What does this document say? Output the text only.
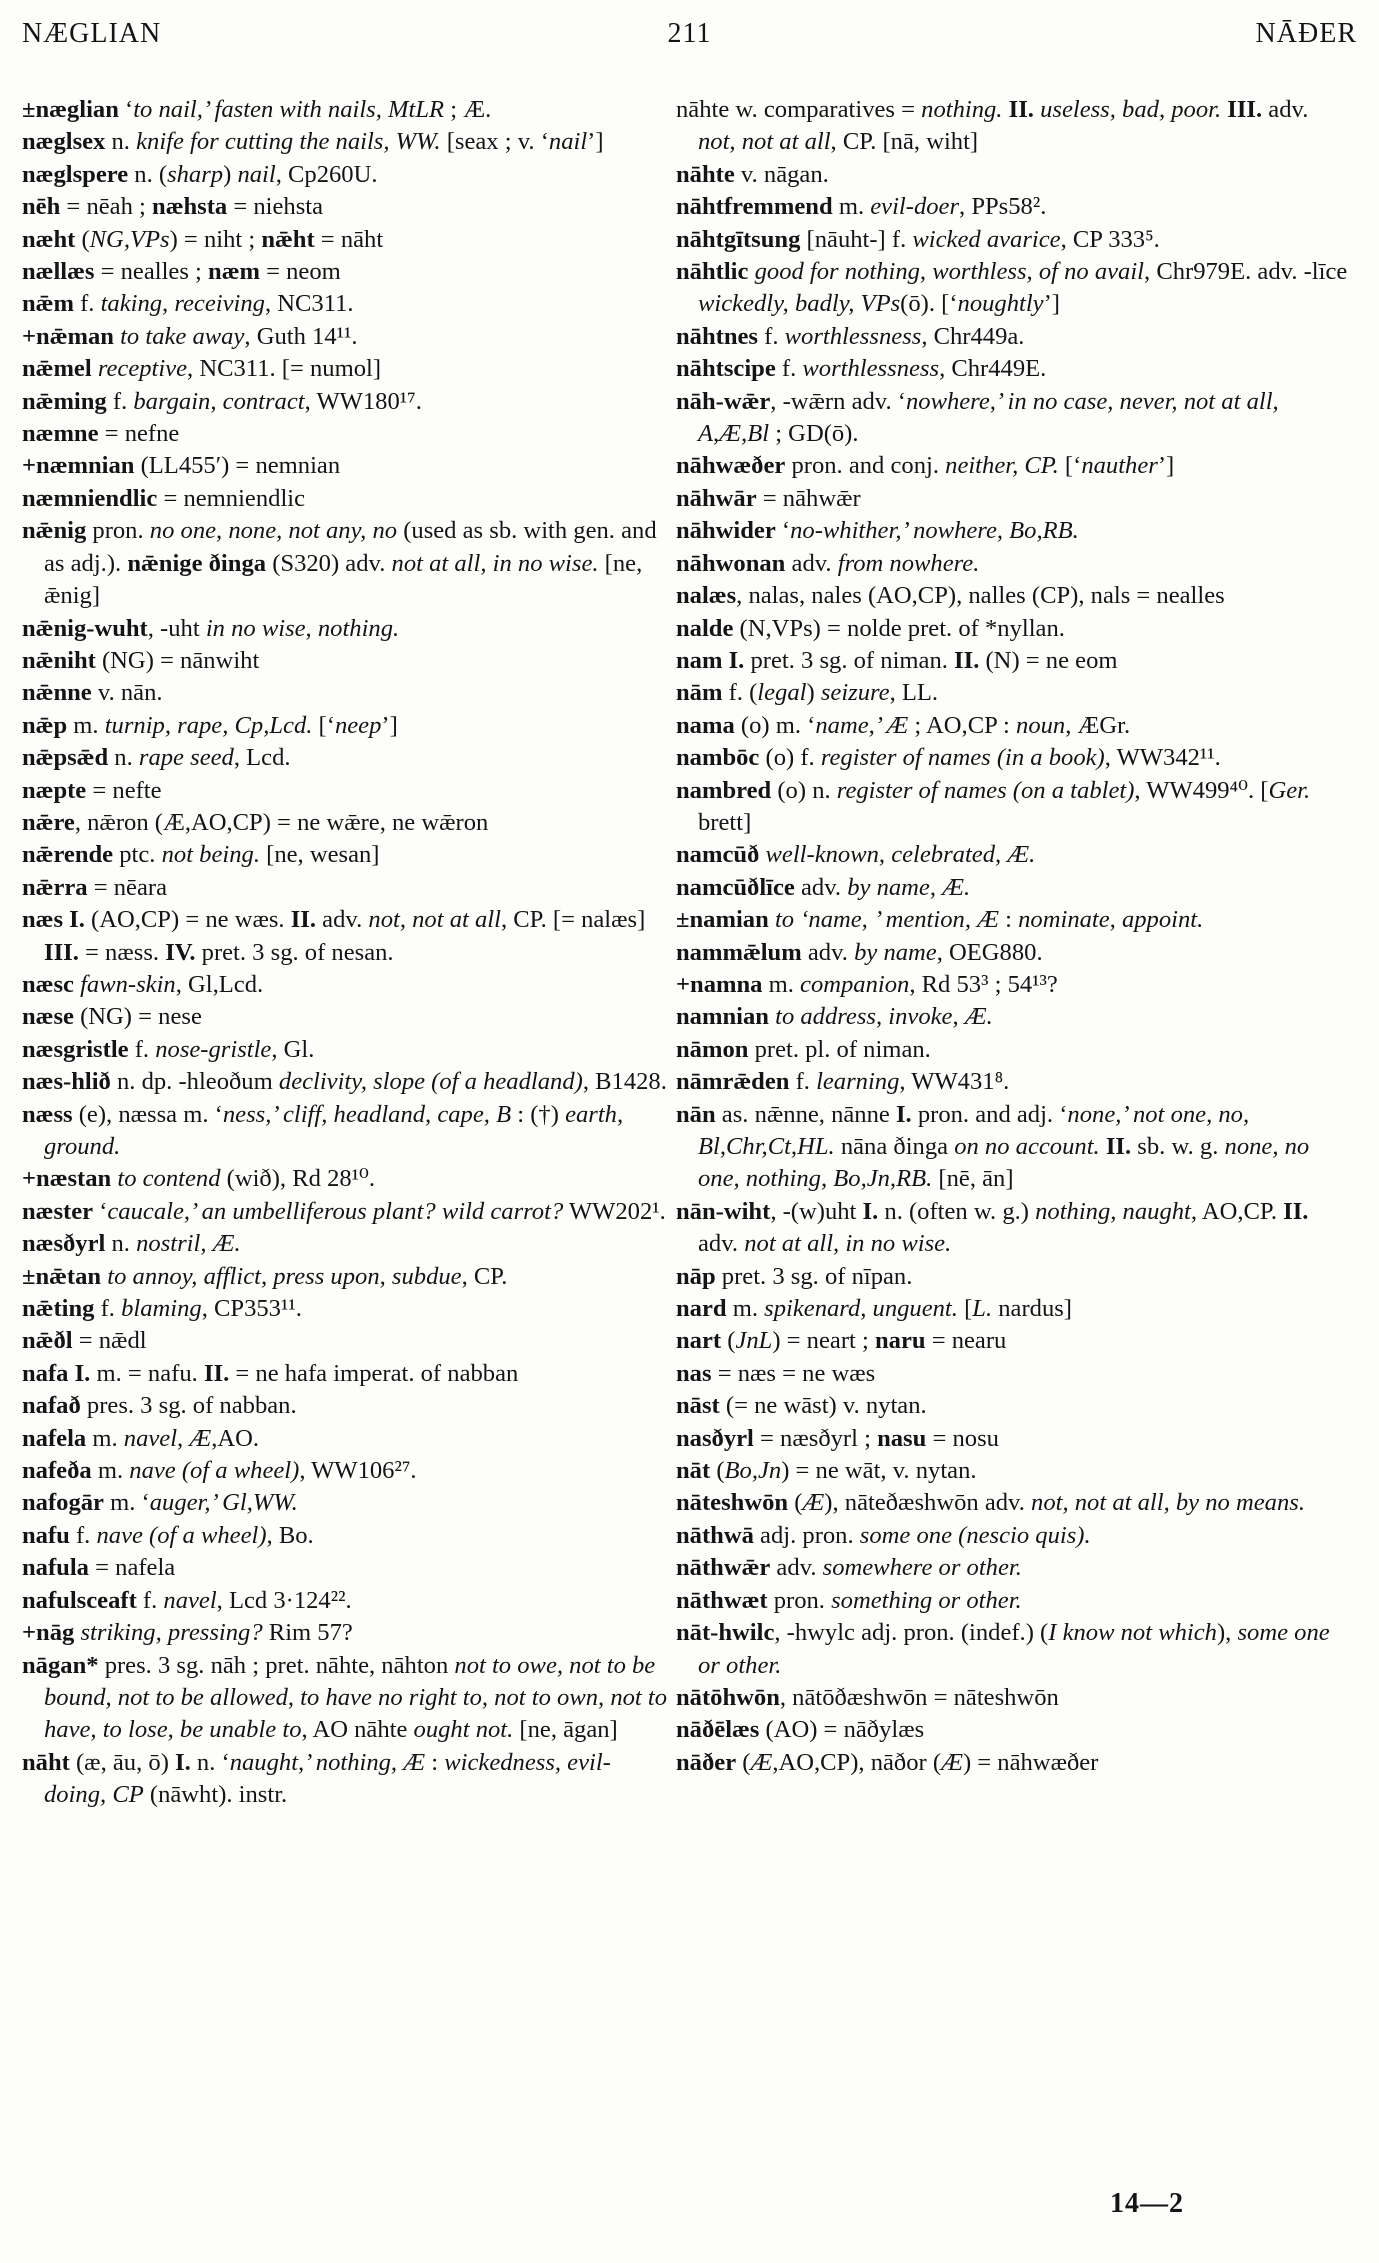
211
NÆGLIAN	NĀÐER

±næglian ‘to nail,’ fasten with nails, MtLR ; Æ.

næglsex n. knife for cutting the nails, WW. [seax ; v. ‘nail’]

næglspere n. (sharp) nail, Cp260U.

nēh = nēah ; næhsta = niehsta

næht (NG,VPs) = niht ; nǣht = nāht

nællæs = nealles ; næm = neom

nǣm f. taking, receiving, NC311.

+nǣman to take away, Guth 14¹¹.

nǣmel receptive, NC311. [= numol]

nǣming f. bargain, contract, WW180¹⁷.

næmne = nefne

+næmnian (LL455′) = nemnian

næmniendlic = nemniendlic

nǣnig pron. no one, none, not any, no (used as sb. with gen. and as adj.). nǣnige ðinga (S320) adv. not at all, in no wise. [ne, ǣnig]

nǣnig-wuht, -uht in no wise, nothing.

nǣniht (NG) = nānwiht

nǣnne v. nān.

nǣp m. turnip, rape, Cp,Lcd. [‘neep’]

nǣpsǣd n. rape seed, Lcd.

næpte = nefte

nǣre, nǣron (Æ,AO,CP) = ne wǣre, ne wǣron

nǣrende ptc. not being. [ne, wesan]

nǣrra = nēara

næs I. (AO,CP) = ne wæs. II. adv. not, not at all, CP. [= nalæs] III. = næss. IV. pret. 3 sg. of nesan.

næsc fawn-skin, Gl,Lcd.

næse (NG) = nese

næsgristle f. nose-gristle, Gl.

næs-hlið n. dp. -hleoðum declivity, slope (of a headland), B1428.

næss (e), næssa m. ‘ness,’ cliff, headland, cape, B : (†) earth, ground.

+næstan to contend (wið), Rd 28¹⁰.

næster ‘caucale,’ an umbelliferous plant? wild carrot? WW202¹.

næsðyrl n. nostril, Æ.

±nǣtan to annoy, afflict, press upon, subdue, CP.

nǣting f. blaming, CP353¹¹.

nǣðl = nǣdl

nafa I. m. = nafu. II. = ne hafa imperat. of nabban

nafað pres. 3 sg. of nabban.

nafela m. navel, Æ,AO.

nafeða m. nave (of a wheel), WW106²⁷.

nafogār m. ‘auger,’ Gl,WW.

nafu f. nave (of a wheel), Bo.

nafula = nafela

nafulsceaft f. navel, Lcd 3·124²².

+nāg striking, pressing? Rim 57?

nāgan* pres. 3 sg. nāh ; pret. nāhte, nāhton not to owe, not to be bound, not to be allowed, to have no right to, not to own, not to have, to lose, be unable to, AO nāhte ought not. [ne, āgan]

nāht (æ, āu, ō) I. n. ‘naught,’ nothing, Æ : wickedness, evil-doing, CP (nāwht). instr.

nāhte w. comparatives = nothing. II. useless, bad, poor. III. adv. not, not at all, CP. [nā, wiht]

nāhte v. nāgan.

nāhtfremmend m. evil-doer, PPs58².

nāhtgītsung [nāuht-] f. wicked avarice, CP 333⁵.

nāhtlic good for nothing, worthless, of no avail, Chr979E. adv. -līce wickedly, badly, VPs(ō). [‘noughtly’]

nāhtnes f. worthlessness, Chr449a.

nāhtscipe f. worthlessness, Chr449E.

nāh-wǣr, -wǣrn adv. ‘nowhere,’ in no case, never, not at all, A,Æ,Bl ; GD(ō).

nāhwæðer pron. and conj. neither, CP. [‘nauther’]

nāhwār = nāhwǣr

nāhwider ‘no-whither,’ nowhere, Bo,RB.

nāhwonan adv. from nowhere.

nalæs, nalas, nales (AO,CP), nalles (CP), nals = nealles

nalde (N,VPs) = nolde pret. of *nyllan.

nam I. pret. 3 sg. of niman. II. (N) = ne eom

nām f. (legal) seizure, LL.

nama (o) m. ‘name,’ Æ ; AO,CP : noun, ÆGr.

nambōc (o) f. register of names (in a book), WW342¹¹.

nambred (o) n. register of names (on a tablet), WW499⁴⁰. [Ger. brett]

namcūð well-known, celebrated, Æ.

namcūðlīce adv. by name, Æ.

±namian to ‘name, ’ mention, Æ : nominate, appoint.

nammǣlum adv. by name, OEG880.

+namna m. companion, Rd 53³ ; 54¹³?

namnian to address, invoke, Æ.

nāmon pret. pl. of niman.

nāmrǣden f. learning, WW431⁸.

nān as. nǣnne, nānne I. pron. and adj. ‘none,’ not one, no, Bl,Chr,Ct,HL. nāna ðinga on no account. II. sb. w. g. none, no one, nothing, Bo,Jn,RB. [nē, ān]

nān-wiht, -(w)uht I. n. (often w. g.) nothing, naught, AO,CP. II. adv. not at all, in no wise.

nāp pret. 3 sg. of nīpan.

nard m. spikenard, unguent. [L. nardus]

nart (JnL) = neart ; naru = nearu

nas = næs = ne wæs

nāst (= ne wāst) v. nytan.

nasðyrl = næsðyrl ; nasu = nosu

nāt (Bo,Jn) = ne wāt, v. nytan.

nāteshwōn (Æ), nāteðæshwōn adv. not, not at all, by no means.

nāthwā adj. pron. some one (nescio quis).

nāthwǣr adv. somewhere or other.

nāthwæt pron. something or other.

nāt-hwilc, -hwylc adj. pron. (indef.) (I know not which), some one or other.

nātōhwōn, nātōðæshwōn = nāteshwōn

nāðēlæs (AO) = nāðylæs

nāðer (Æ,AO,CP), nāðor (Æ) = nāhwæðer

14—2
